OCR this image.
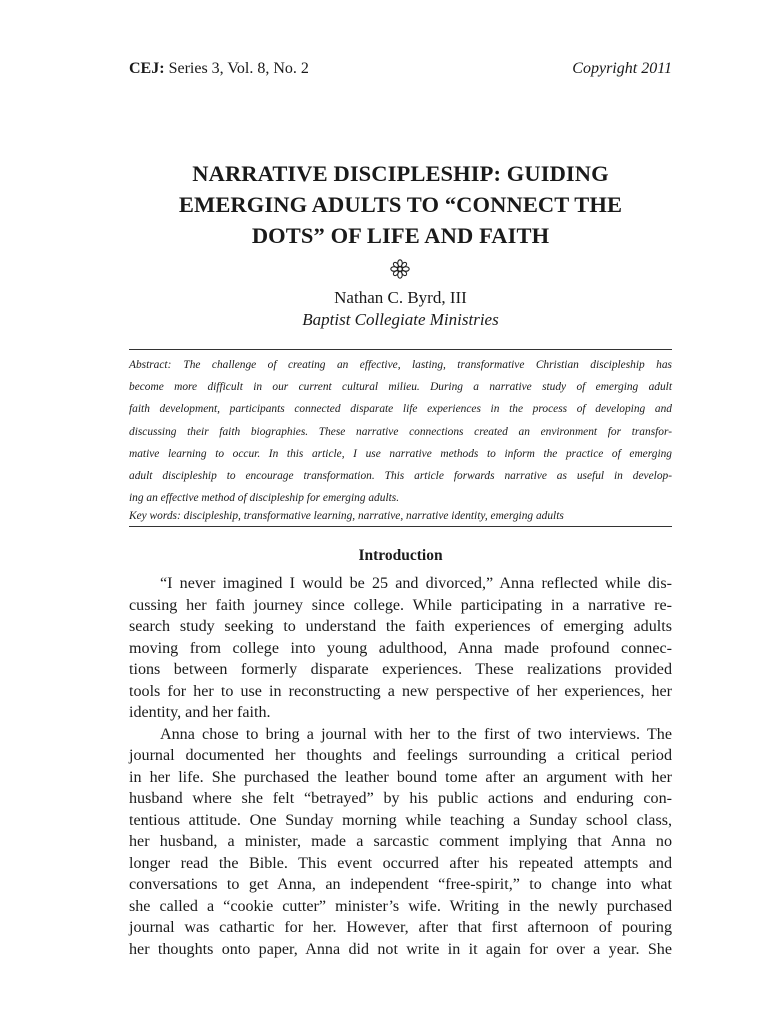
CEJ: Series 3, Vol. 8, No. 2	Copyright 2011
NARRATIVE DISCIPLESHIP: GUIDING
EMERGING ADULTS TO “CONNECT THE
DOTS” OF LIFE AND FAITH
Nathan C. Byrd, III
Baptist Collegiate Ministries
Abstract: The challenge of creating an effective, lasting, transformative Christian discipleship has
become more difficult in our current cultural milieu. During a narrative study of emerging adult
faith development, participants connected disparate life experiences in the process of developing and
discussing their faith biographies. These narrative connections created an environment for transfor-
mative learning to occur. In this article, I use narrative methods to inform the practice of emerging
adult discipleship to encourage transformation. This article forwards narrative as useful in develop-
ing an effective method of discipleship for emerging adults.
Key words: discipleship, transformative learning, narrative, narrative identity, emerging adults
Introduction
“I never imagined I would be 25 and divorced,” Anna reflected while dis-
cussing her faith journey since college. While participating in a narrative re-
search study seeking to understand the faith experiences of emerging adults
moving from college into young adulthood, Anna made profound connec-
tions between formerly disparate experiences. These realizations provided
tools for her to use in reconstructing a new perspective of her experiences, her
identity, and her faith.
Anna chose to bring a journal with her to the first of two interviews. The
journal documented her thoughts and feelings surrounding a critical period
in her life. She purchased the leather bound tome after an argument with her
husband where she felt “betrayed” by his public actions and enduring con-
tentious attitude. One Sunday morning while teaching a Sunday school class,
her husband, a minister, made a sarcastic comment implying that Anna no
longer read the Bible. This event occurred after his repeated attempts and
conversations to get Anna, an independent “free-spirit,” to change into what
she called a “cookie cutter” minister’s wife. Writing in the newly purchased
journal was cathartic for her. However, after that first afternoon of pouring
her thoughts onto paper, Anna did not write in it again for over a year. She
